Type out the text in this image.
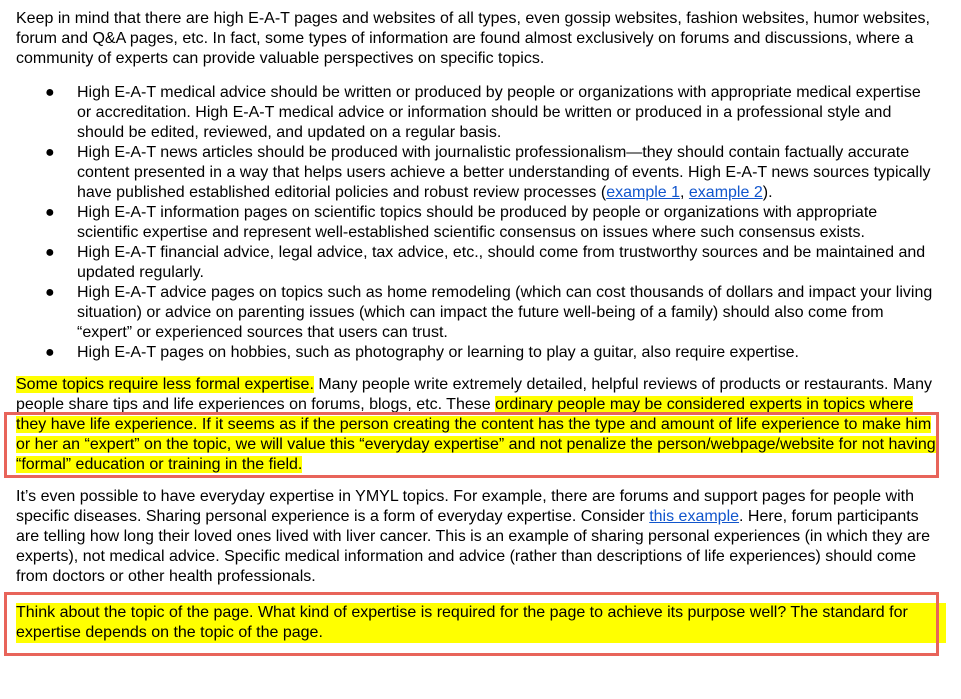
Keep in mind that there are high E-A-T pages and websites of all types, even gossip websites, fashion websites, humor websites, forum and Q&A pages, etc. In fact, some types of information are found almost exclusively on forums and discussions, where a community of experts can provide valuable perspectives on specific topics.

● High E-A-T medical advice should be written or produced by people or organizations with appropriate medical expertise or accreditation. High E-A-T medical advice or information should be written or produced in a professional style and should be edited, reviewed, and updated on a regular basis.
● High E-A-T news articles should be produced with journalistic professionalism—they should contain factually accurate content presented in a way that helps users achieve a better understanding of events. High E-A-T news sources typically have published established editorial policies and robust review processes (example 1, example 2).
● High E-A-T information pages on scientific topics should be produced by people or organizations with appropriate scientific expertise and represent well-established scientific consensus on issues where such consensus exists.
● High E-A-T financial advice, legal advice, tax advice, etc., should come from trustworthy sources and be maintained and updated regularly.
● High E-A-T advice pages on topics such as home remodeling (which can cost thousands of dollars and impact your living situation) or advice on parenting issues (which can impact the future well-being of a family) should also come from “expert” or experienced sources that users can trust.
● High E-A-T pages on hobbies, such as photography or learning to play a guitar, also require expertise.

Some topics require less formal expertise. Many people write extremely detailed, helpful reviews of products or restaurants. Many people share tips and life experiences on forums, blogs, etc. These ordinary people may be considered experts in topics where they have life experience. If it seems as if the person creating the content has the type and amount of life experience to make him or her an “expert” on the topic, we will value this “everyday expertise” and not penalize the person/webpage/website for not having “formal” education or training in the field.

It’s even possible to have everyday expertise in YMYL topics. For example, there are forums and support pages for people with specific diseases. Sharing personal experience is a form of everyday expertise. Consider this example. Here, forum participants are telling how long their loved ones lived with liver cancer. This is an example of sharing personal experiences (in which they are experts), not medical advice. Specific medical information and advice (rather than descriptions of life experiences) should come from doctors or other health professionals.

Think about the topic of the page. What kind of expertise is required for the page to achieve its purpose well? The standard for expertise depends on the topic of the page.
